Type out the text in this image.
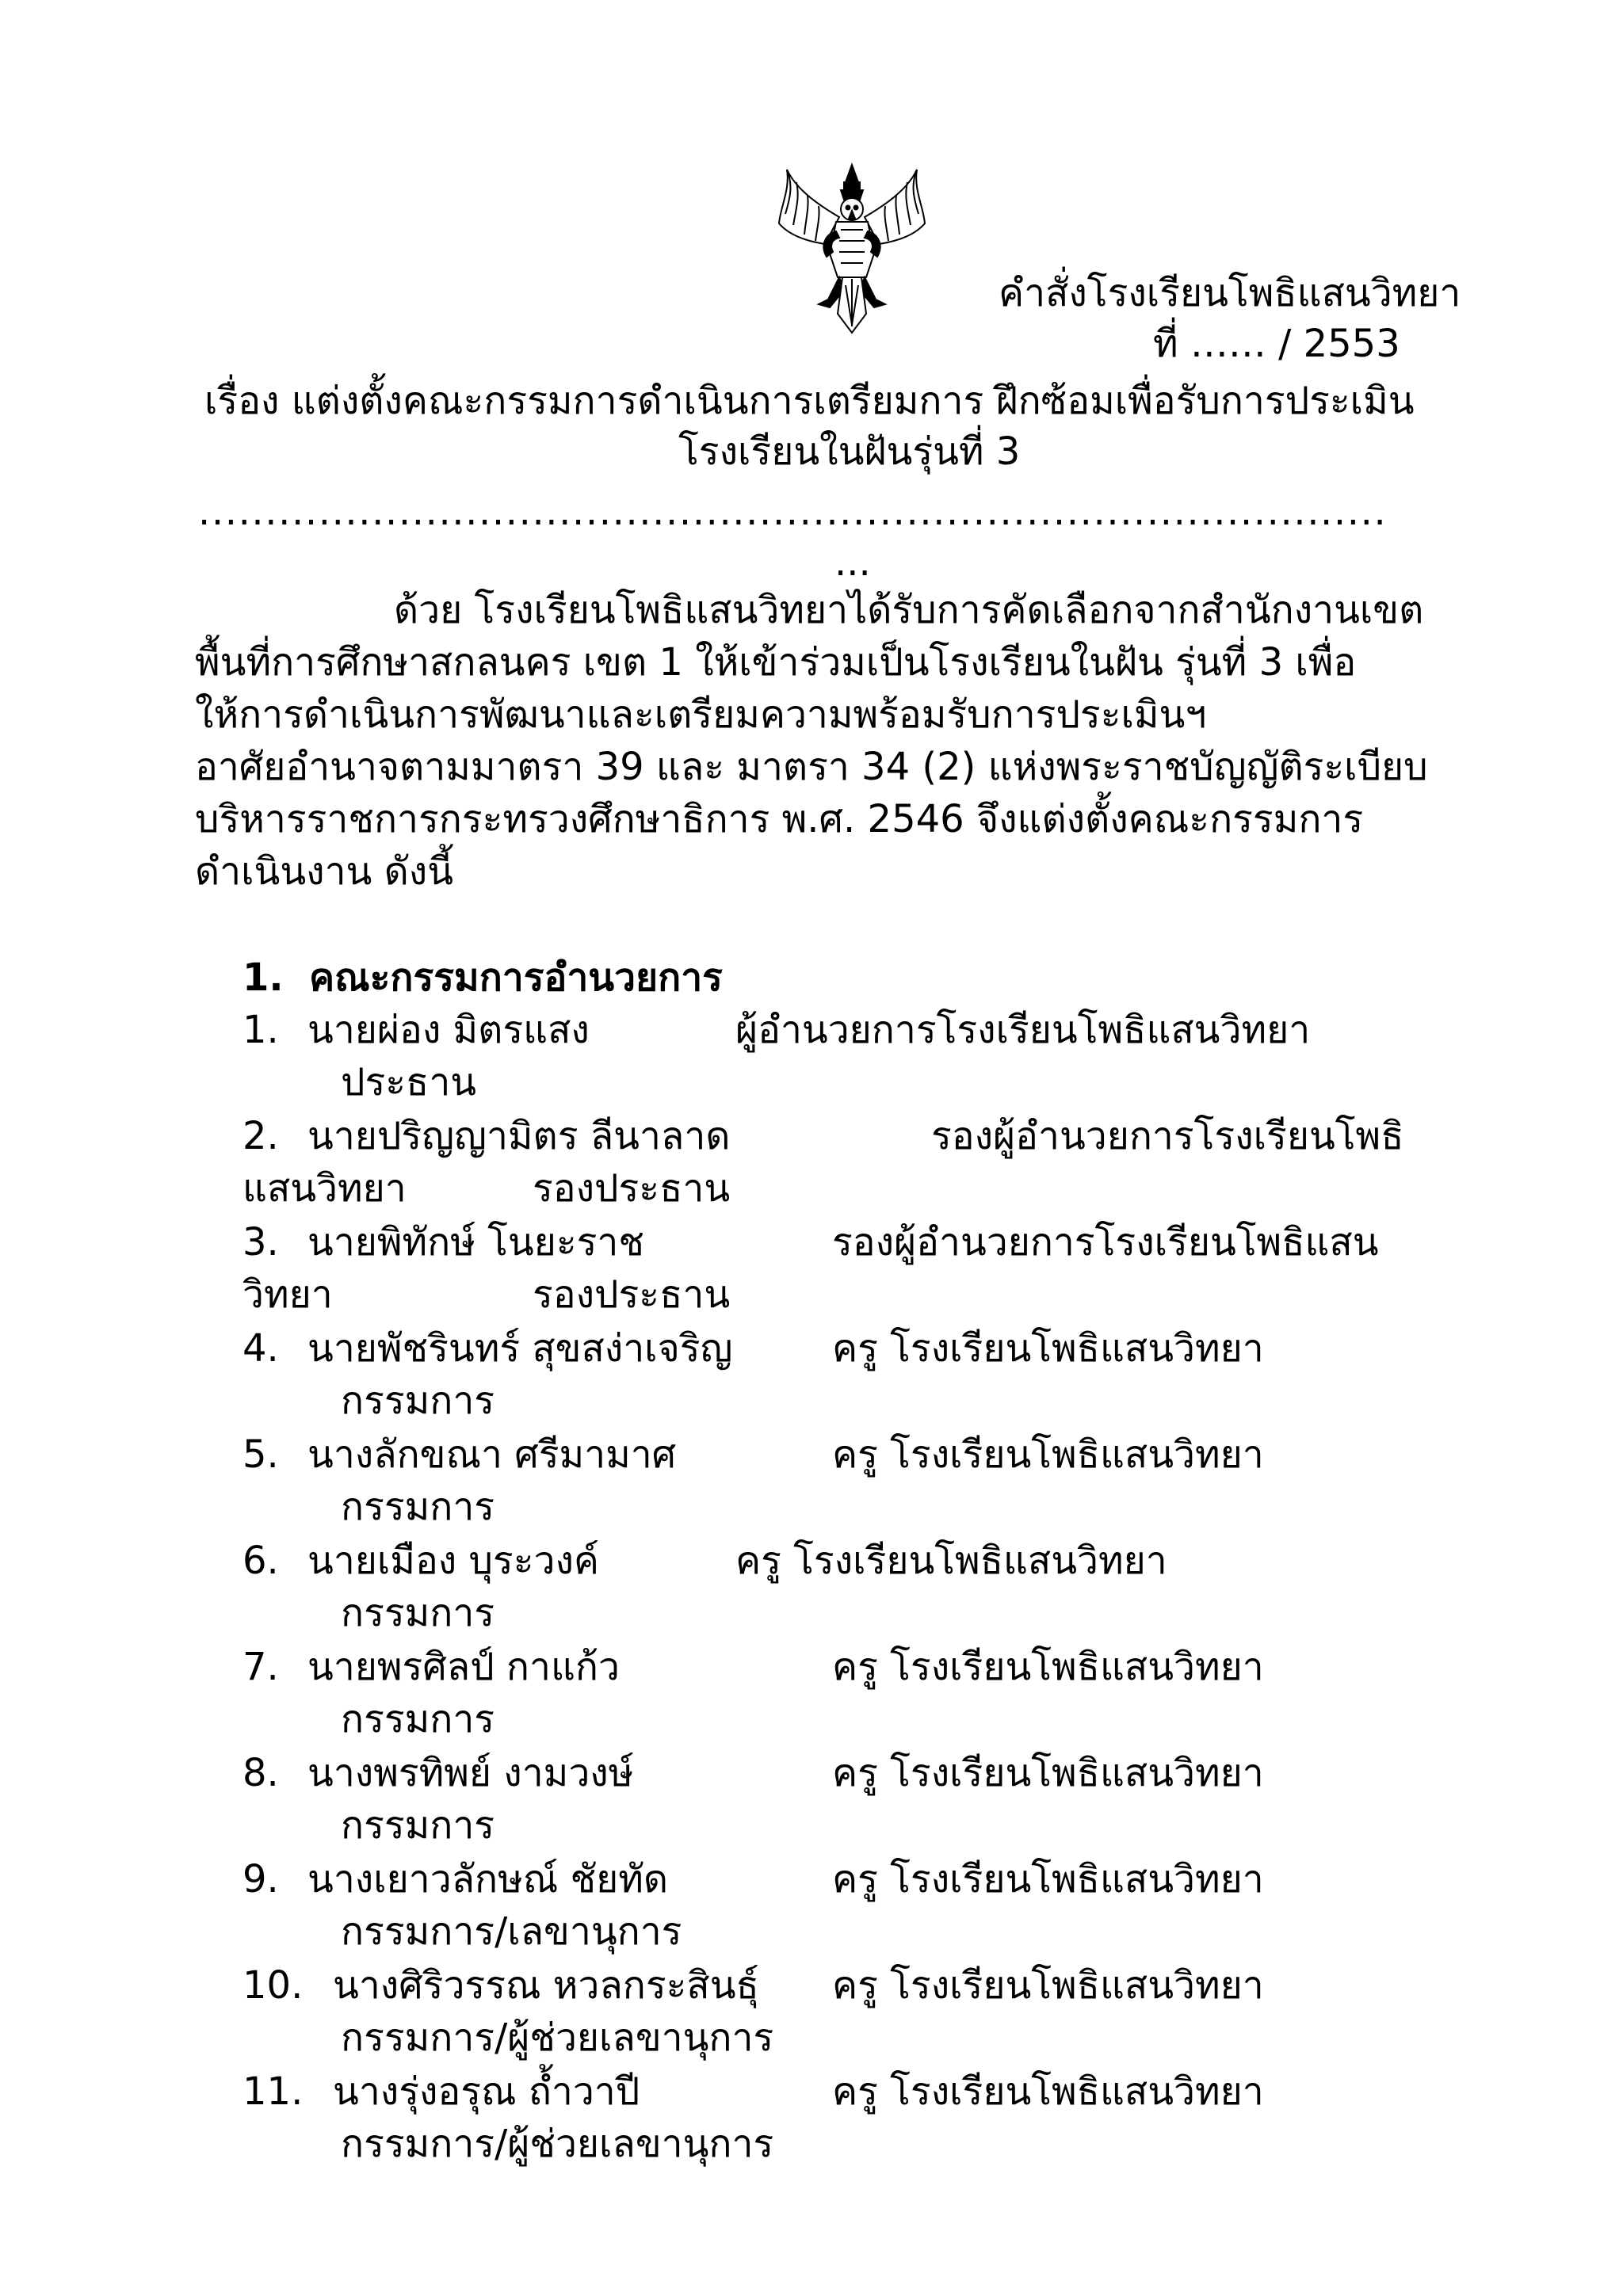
คำสั่งโรงเรียนโพธิแสนวิทยา
ที่ …… / 2553
เรื่อง แต่งตั้งคณะกรรมการดำเนินการเตรียมการ ฝึกซ้อมเพื่อรับการประเมิน
โรงเรียนในฝันรุ่นที่ 3
.........................................................................................
...
ด้วย โรงเรียนโพธิแสนวิทยาได้รับการคัดเลือกจากสำนักงานเขต
พื้นที่การศึกษาสกลนคร เขต 1 ให้เข้าร่วมเป็นโรงเรียนในฝัน รุ่นที่ 3 เพื่อ
ให้การดำเนินการพัฒนาและเตรียมความพร้อมรับการประเมินฯ
อาศัยอำนาจตามมาตรา 39 และ มาตรา 34 (2) แห่งพระราชบัญญัติระเบียบ
บริหารราชการกระทรวงศึกษาธิการ พ.ศ. 2546 จึงแต่งตั้งคณะกรรมการ
ดำเนินงาน ดังนี้
1. คณะกรรมการอำนวยการ
1. นายผ่อง มิตรแสง	ผู้อำนวยการโรงเรียนโพธิแสนวิทยา
ประธาน
2. นายปริญญามิตร ลีนาลาด	รองผู้อำนวยการโรงเรียนโพธิ
แสนวิทยา	รองประธาน
3. นายพิทักษ์ โนยะราช	รองผู้อำนวยการโรงเรียนโพธิแสน
วิทยา	รองประธาน
4. นายพัชรินทร์ สุขสง่าเจริญ	ครู โรงเรียนโพธิแสนวิทยา
กรรมการ
5. นางลักขณา ศรีมามาศ	ครู โรงเรียนโพธิแสนวิทยา
กรรมการ
6. นายเมือง บุระวงค์	ครู โรงเรียนโพธิแสนวิทยา
กรรมการ
7. นายพรศิลป์ กาแก้ว	ครู โรงเรียนโพธิแสนวิทยา
กรรมการ
8. นางพรทิพย์ งามวงษ์	ครู โรงเรียนโพธิแสนวิทยา
กรรมการ
9. นางเยาวลักษณ์ ชัยทัด	ครู โรงเรียนโพธิแสนวิทยา
กรรมการ/เลขานุการ
10. นางศิริวรรณ หวลกระสินธุ์ ครู โรงเรียนโพธิแสนวิทยา
กรรมการ/ผู้ช่วยเลขานุการ
11. นางรุ่งอรุณ ถ้ำวาปี	ครู โรงเรียนโพธิแสนวิทยา
กรรมการ/ผู้ช่วยเลขานุการ
